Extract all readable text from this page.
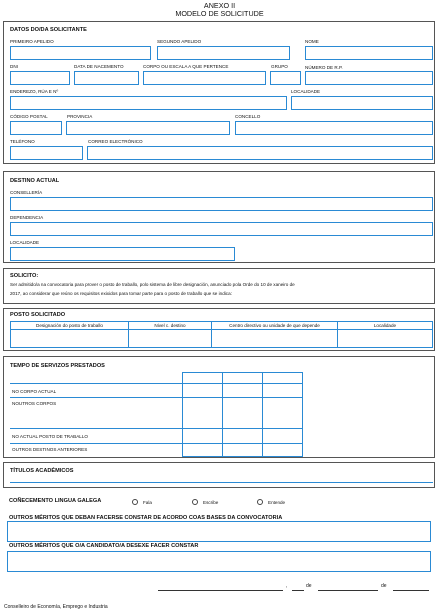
ANEXO II
MODELO DE SOLICITUDE
DATOS DO/DA SOLICITANTE
PRIMEIRO APELIDO	SEGUNDO APELIDO	NOME
DNI	DATA DE NACEMENTO	CORPO OU ESCALA A QUE PERTENCE	GRUPO	NÚMERO DE R.P.
ENDEREZO, RÚA E Nº	LOCALIDADE
CÓDIGO POSTAL	PROVINCIA	CONCELLO
TELÉFONO	CORREO ELECTRÓNICO
DESTINO ACTUAL
CONSELLERÍA
DEPENDENCIA
LOCALIDADE
SOLICITO:
Ser admitido/a na convocatoria para prover o posto de traballo, polo sistema de libre designación, anunciado pola Orde do 10 de xaneiro de
2017, ao considerar que reúno os requisitos exixidos para tomar parte para o posto de traballo que se indica:
POSTO SOLICITADO
Designación do posto de traballo	Nivel c. destino	Centro directivo ou unidade de que depende	Localidade
TEMPO DE SERVIZOS PRESTADOS
NO CORPO ACTUAL
NOUTROS CORPOS
NO ACTUAL POSTO DE TRABALLO
OUTROS DESTINOS ANTERIORES
TÍTULOS ACADÉMICOS
COÑECEMENTO LINGUA GALEGA	Fala	Escribe	Entende
OUTROS MÉRITOS QUE DEBAN FACERSE CONSTAR DE ACORDO COAS BASES DA CONVOCATORIA
OUTROS MÉRITOS QUE O/A CANDIDATO/A DESEXE FACER CONSTAR
,	de	de
Conselleiro de Economía, Emprego e Industria
